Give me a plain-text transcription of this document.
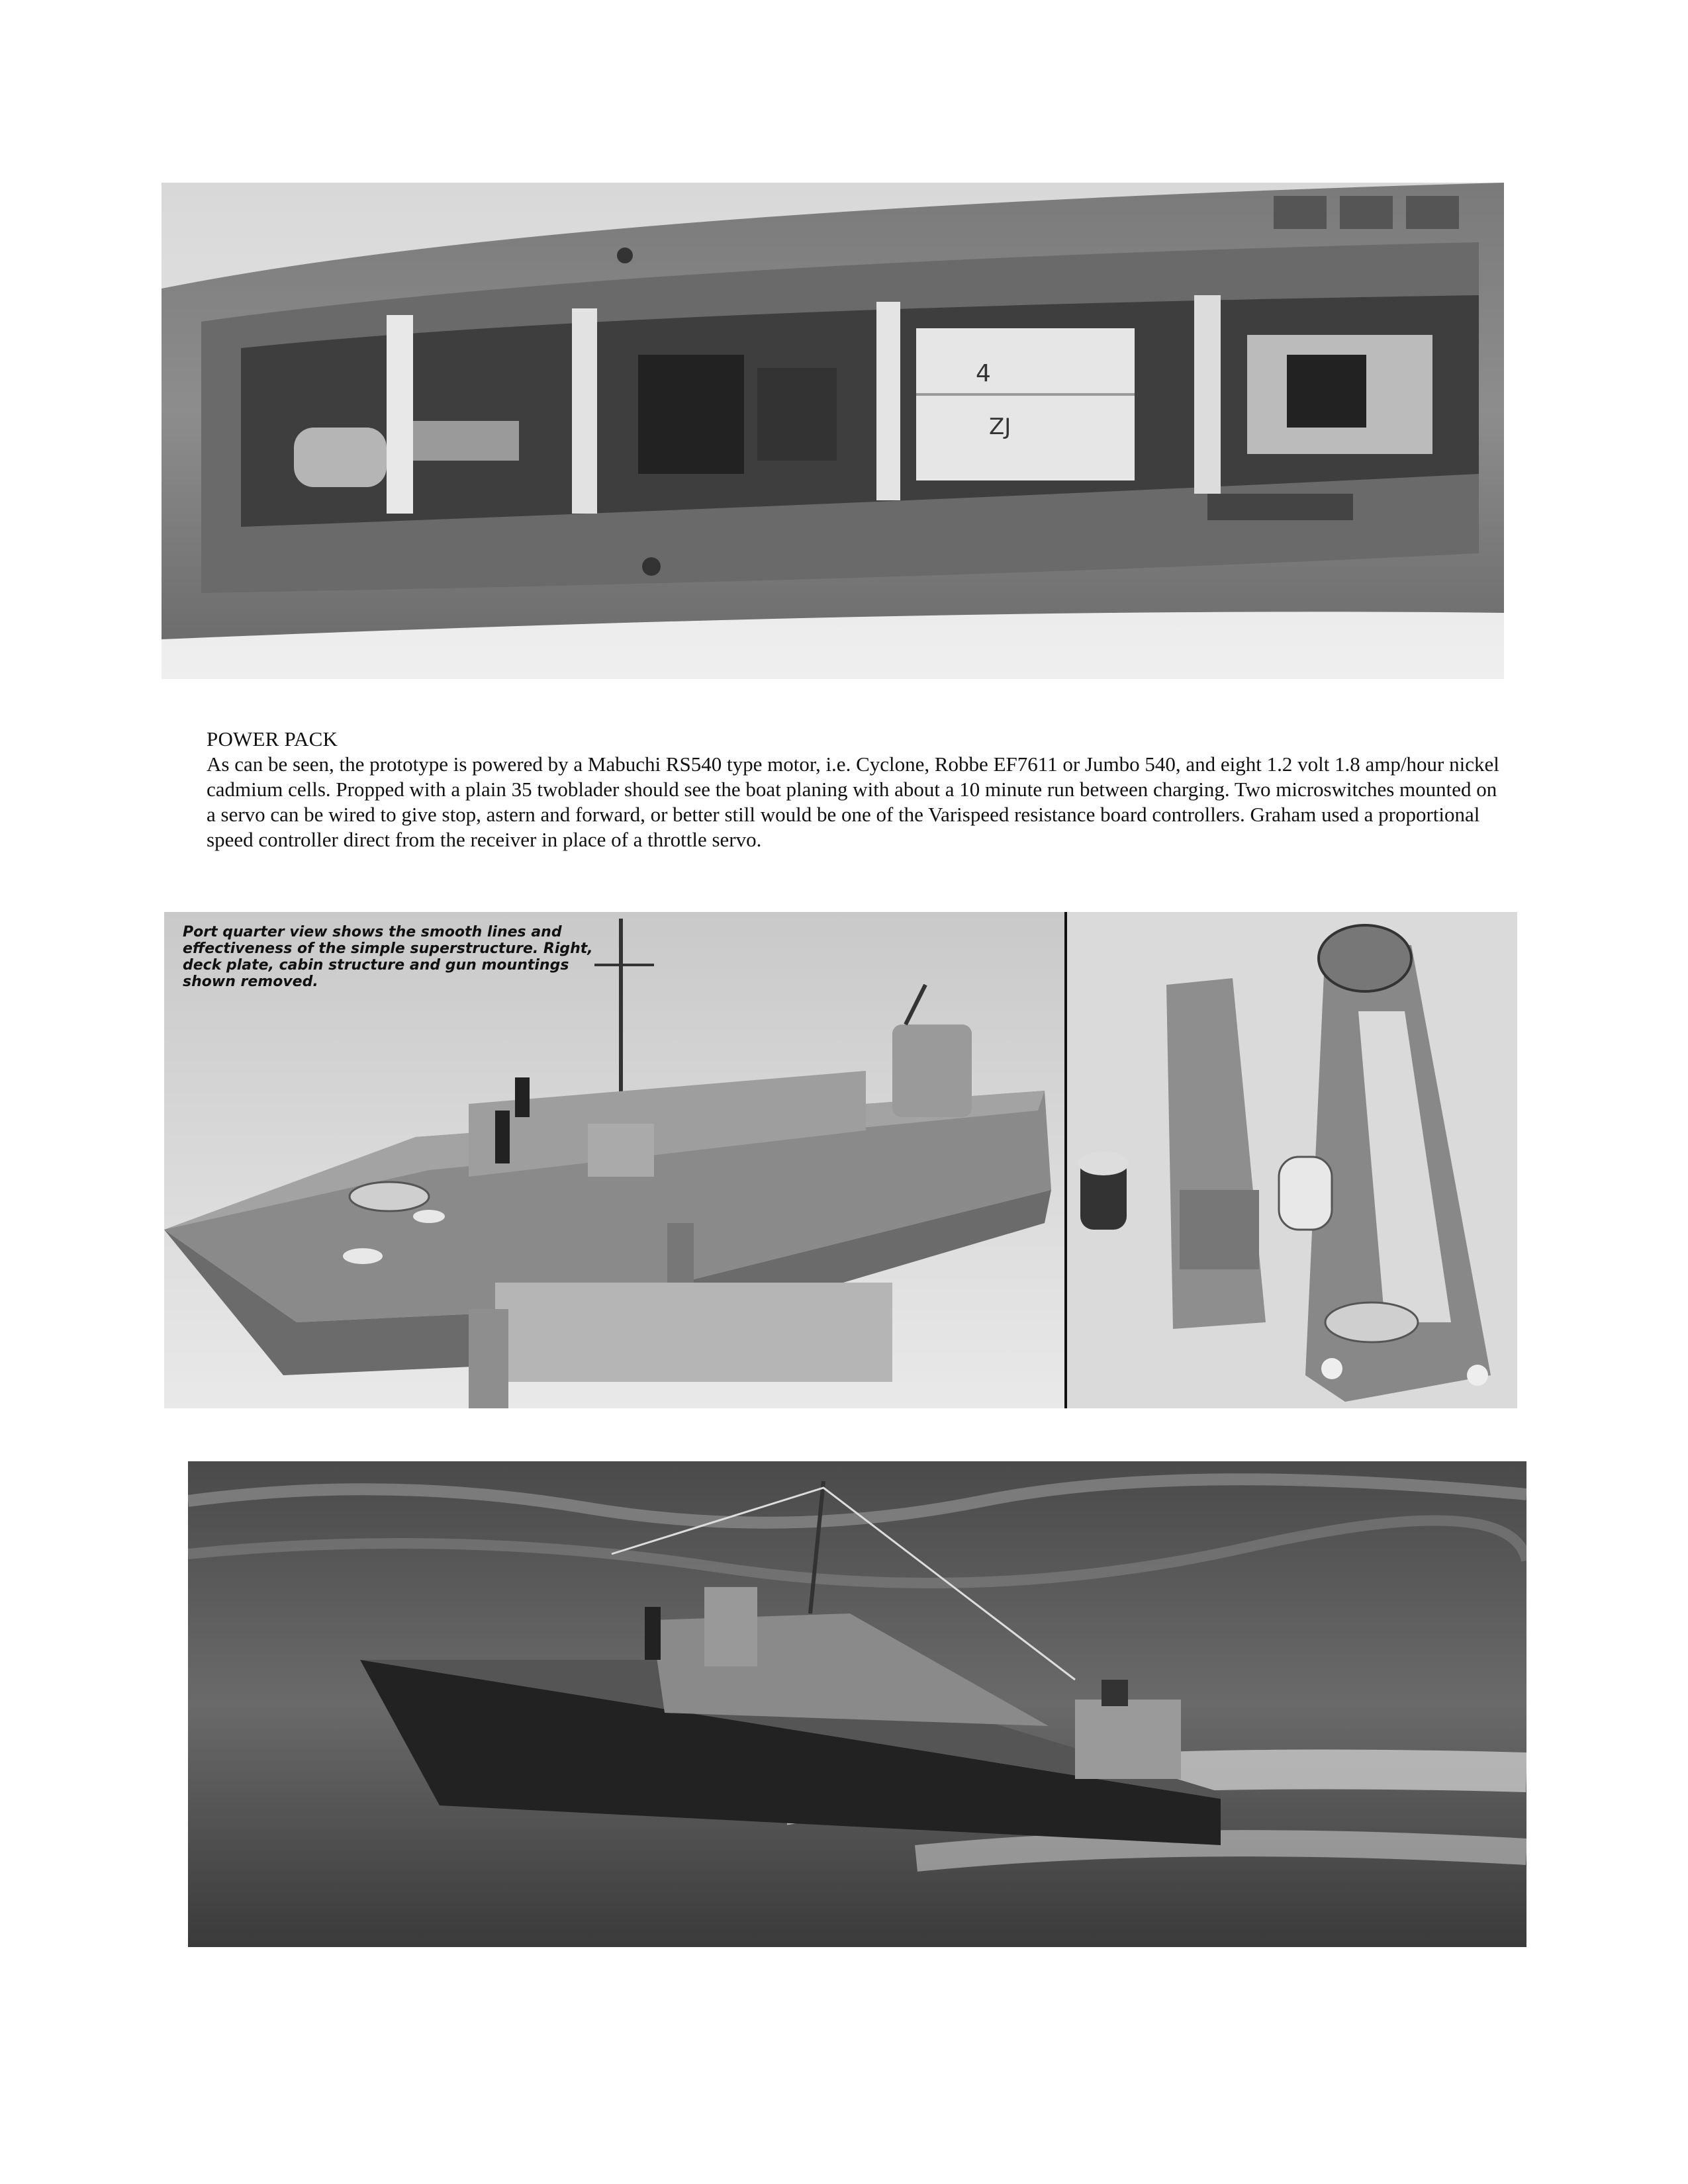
4
ZJ
POWER PACK

As can be seen, the prototype is powered by a Mabuchi RS540 type motor, i.e. Cyclone, Robbe EF7611 or Jumbo 540, and eight 1.2 volt 1.8 amp/hour nickel cadmium cells. Propped with a plain 35 twoblader should see the boat planing with about a 10 minute run between charging. Two microswitches mounted on a servo can be wired to give stop, astern and forward, or better still would be one of the Varispeed resistance board controllers. Graham used a proportional speed controller direct from the receiver in place of a throttle servo.

Port quarter view shows the smooth lines and effectiveness of the simple superstructure. Right, deck plate, cabin structure and gun mountings shown removed.
